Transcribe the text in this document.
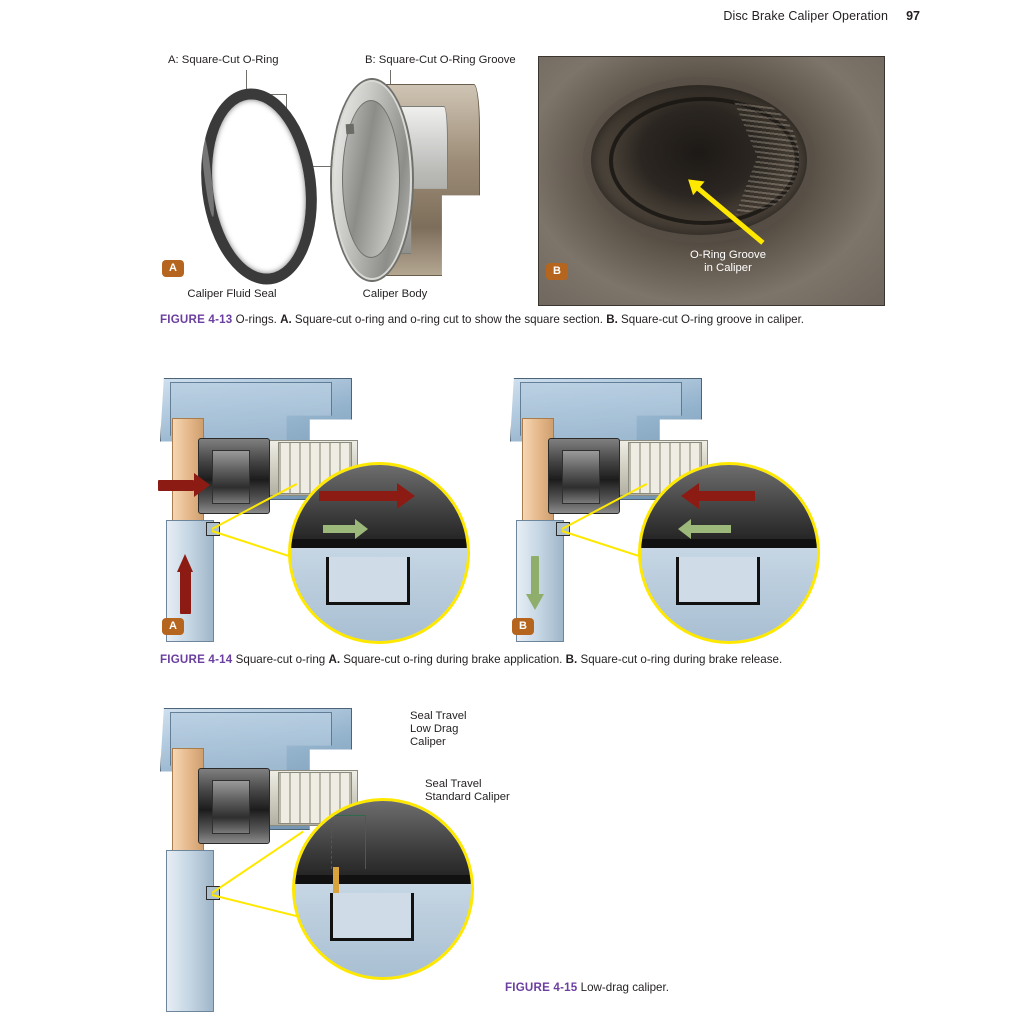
Disc Brake Caliper Operation 97
A: Square-Cut O-Ring	B: Square-Cut O-Ring Groove
A
Caliper Fluid Seal	Caliper Body
O-Ring Groove
in Caliper
B
FIGURE 4-13 O-rings. A. Square-cut o-ring and o-ring cut to show the square section. B. Square-cut O-ring groove in caliper.
A	B
FIGURE 4-14 Square-cut o-ring A. Square-cut o-ring during brake application. B. Square-cut o-ring during brake release.
Seal Travel
Low Drag
Caliper
Seal Travel
Standard Caliper
FIGURE 4-15 Low-drag caliper.
